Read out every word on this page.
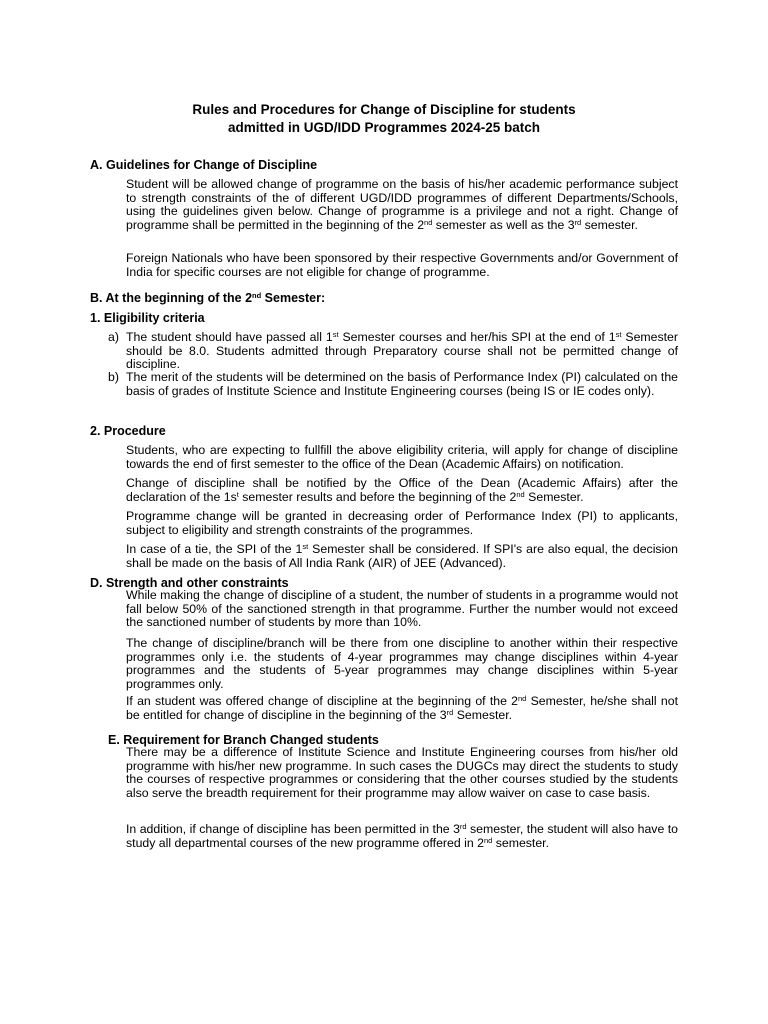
Rules and Procedures for Change of Discipline for students
admitted in UGD/IDD Programmes 2024-25 batch
A. Guidelines for Change of Discipline
Student will be allowed change of programme on the basis of his/her academic performance subject to strength constraints of the of different UGD/IDD programmes of different Departments/Schools, using the guidelines given below. Change of programme is a privilege and not a right. Change of programme shall be permitted in the beginning of the 2nd semester as well as the 3rd semester.
Foreign Nationals who have been sponsored by their respective Governments and/or Government of India for specific courses are not eligible for change of programme.
B. At the beginning of the 2nd Semester:
1. Eligibility criteria
a) The student should have passed all 1st Semester courses and her/his SPI at the end of 1st Semester should be 8.0. Students admitted through Preparatory course shall not be permitted change of discipline.
b) The merit of the students will be determined on the basis of Performance Index (PI) calculated on the basis of grades of Institute Science and Institute Engineering courses (being IS or IE codes only).
2. Procedure
Students, who are expecting to fullfill the above eligibility criteria, will apply for change of discipline towards the end of first semester to the office of the Dean (Academic Affairs) on notification.
Change of discipline shall be notified by the Office of the Dean (Academic Affairs) after the declaration of the $1s^t$ semester results and before the beginning of the 2nd Semester.
Programme change will be granted in decreasing order of Performance Index (PI) to applicants, subject to eligibility and strength constraints of the programmes.
In case of a tie, the SPI of the 1st Semester shall be considered. If SPI's are also equal, the decision shall be made on the basis of All India Rank (AIR) of JEE (Advanced).
D. Strength and other constraints
While making the change of discipline of a student, the number of students in a programme would not fall below 50% of the sanctioned strength in that programme. Further the number would not exceed the sanctioned number of students by more than 10%.
The change of discipline/branch will be there from one discipline to another within their respective programmes only i.e. the students of 4-year programmes may change disciplines within 4-year programmes and the students of 5-year programmes may change disciplines within 5-year programmes only.
If an student was offered change of discipline at the beginning of the 2nd Semester, he/she shall not be entitled for change of discipline in the beginning of the 3rd Semester.
E. Requirement for Branch Changed students
There may be a difference of Institute Science and Institute Engineering courses from his/her old programme with his/her new programme. In such cases the DUGCs may direct the students to study the courses of respective programmes or considering that the other courses studied by the students also serve the breadth requirement for their programme may allow waiver on case to case basis.
In addition, if change of discipline has been permitted in the 3rd semester, the student will also have to study all departmental courses of the new programme offered in 2nd semester.
